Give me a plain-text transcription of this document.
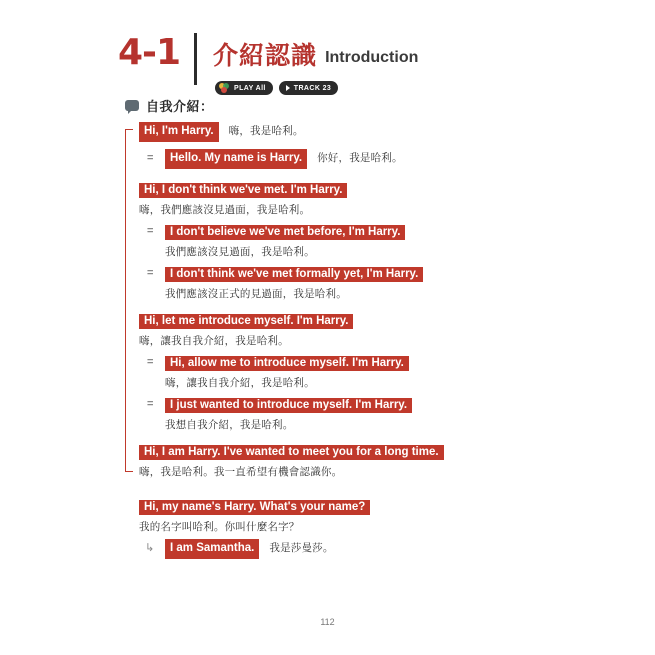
4-1 介紹認識 Introduction
PLAY All	TRACK 23
自我介紹：
Hi, I'm Harry.	嗨，我是哈利。
=	Hello. My name is Harry.	你好，我是哈利。
Hi, I don't think we've met. I'm Harry.
嗨，我們應該沒見過面，我是哈利。
= I don't believe we've met before, I'm Harry.
我們應該沒見過面，我是哈利。
= I don't think we've met formally yet, I'm Harry.
我們應該沒正式的見過面，我是哈利。
Hi, let me introduce myself. I'm Harry.
嗨，讓我自我介紹，我是哈利。
= Hi, allow me to introduce myself. I'm Harry.
嗨，讓我自我介紹，我是哈利。
= I just wanted to introduce myself. I'm Harry.
我想自我介紹，我是哈利。
Hi, I am Harry. I've wanted to meet you for a long time.
嗨，我是哈利。我一直希望有機會認識你。
Hi, my name's Harry. What's your name?
我的名字叫哈利。你叫什麼名字？
↳	I am Samantha.	我是莎曼莎。
112
